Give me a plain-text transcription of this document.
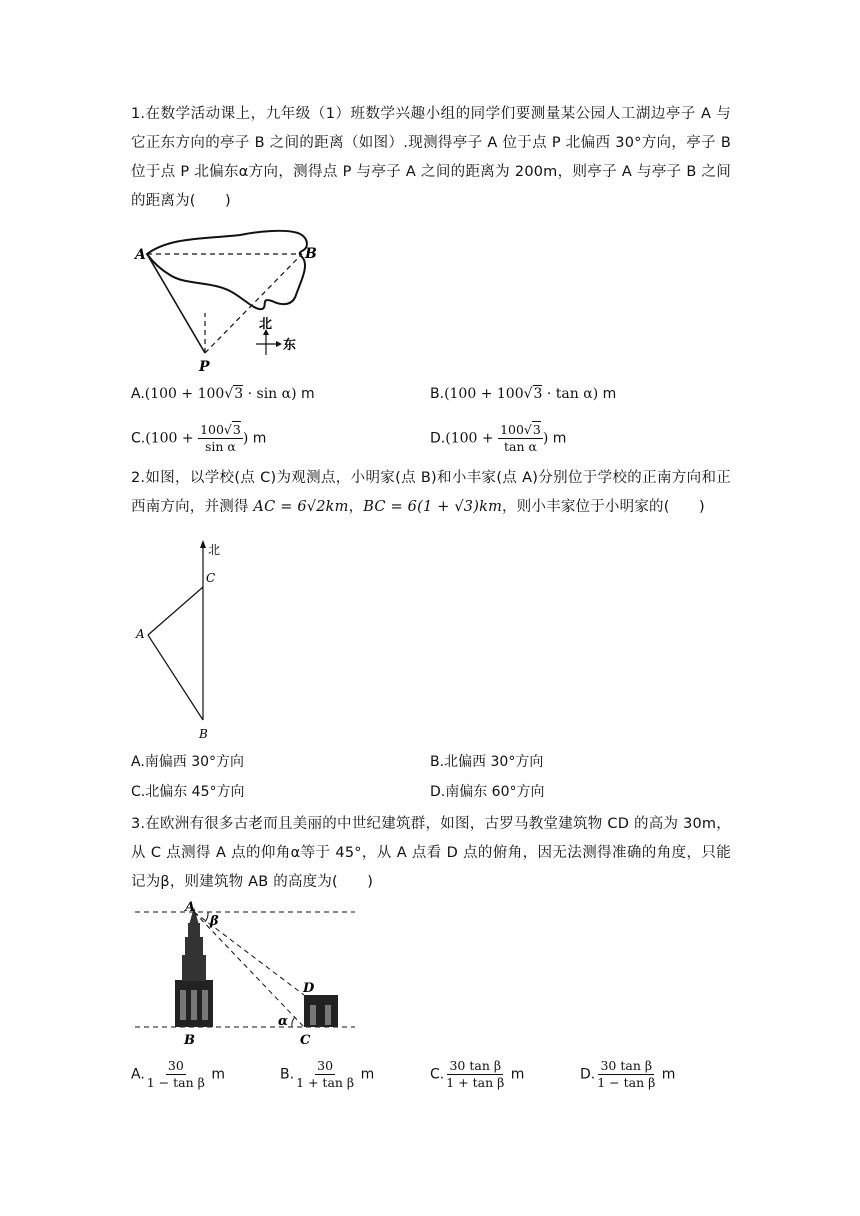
1.在数学活动课上，九年级（1）班数学兴趣小组的同学们要测量某公园人工湖边亭子 A 与它正东方向的亭子 B 之间的距离（如图）.现测得亭子 A 位于点 P 北偏西 30°方向，亭子 B 位于点 P 北偏东α方向，测得点 P 与亭子 A 之间的距离为 200m，则亭子 A 与亭子 B 之间的距离为(　　)
A	B
P
北
东
A.(100 + 100√3 · sin α) m	B.(100 + 100√3 · tan α) m
$C.(100 + \frac{100√3}{\text{sin α}}$ ) m	$D.(100 + \frac{100√3}{\text{tan α}}$ ) m
2.如图，以学校(点 C)为观测点，小明家(点 B)和小丰家(点 A)分别位于学校的正南方向和正西南方向，并测得 AC = 6√2km，BC = 6(1 + √3)km，则小丰家位于小明家的(　　)
北
C
A
B
A.南偏西 30°方向	B.北偏西 30°方向
C.北偏东 45°方向	D.南偏东 60°方向
3.在欧洲有很多古老而且美丽的中世纪建筑群，如图，古罗马教堂建筑物 CD 的高为 30m，从 C 点测得 A 点的仰角α等于 45°，从 A 点看 D 点的俯角，因无法测得准确的角度，只能记为β，则建筑物 AB 的高度为(　　)
A
β
D
α
B	C
A. $\frac{30}{\text{1 − tan β}}$ m	B. $\frac{30}{\text{1 + tan β}}$ m	C. $\frac{\text{30 tan β}}{\text{1 + tan β}}$ m	D. $\frac{\text{30 tan β}}{\text{1 − tan β}}$ m
